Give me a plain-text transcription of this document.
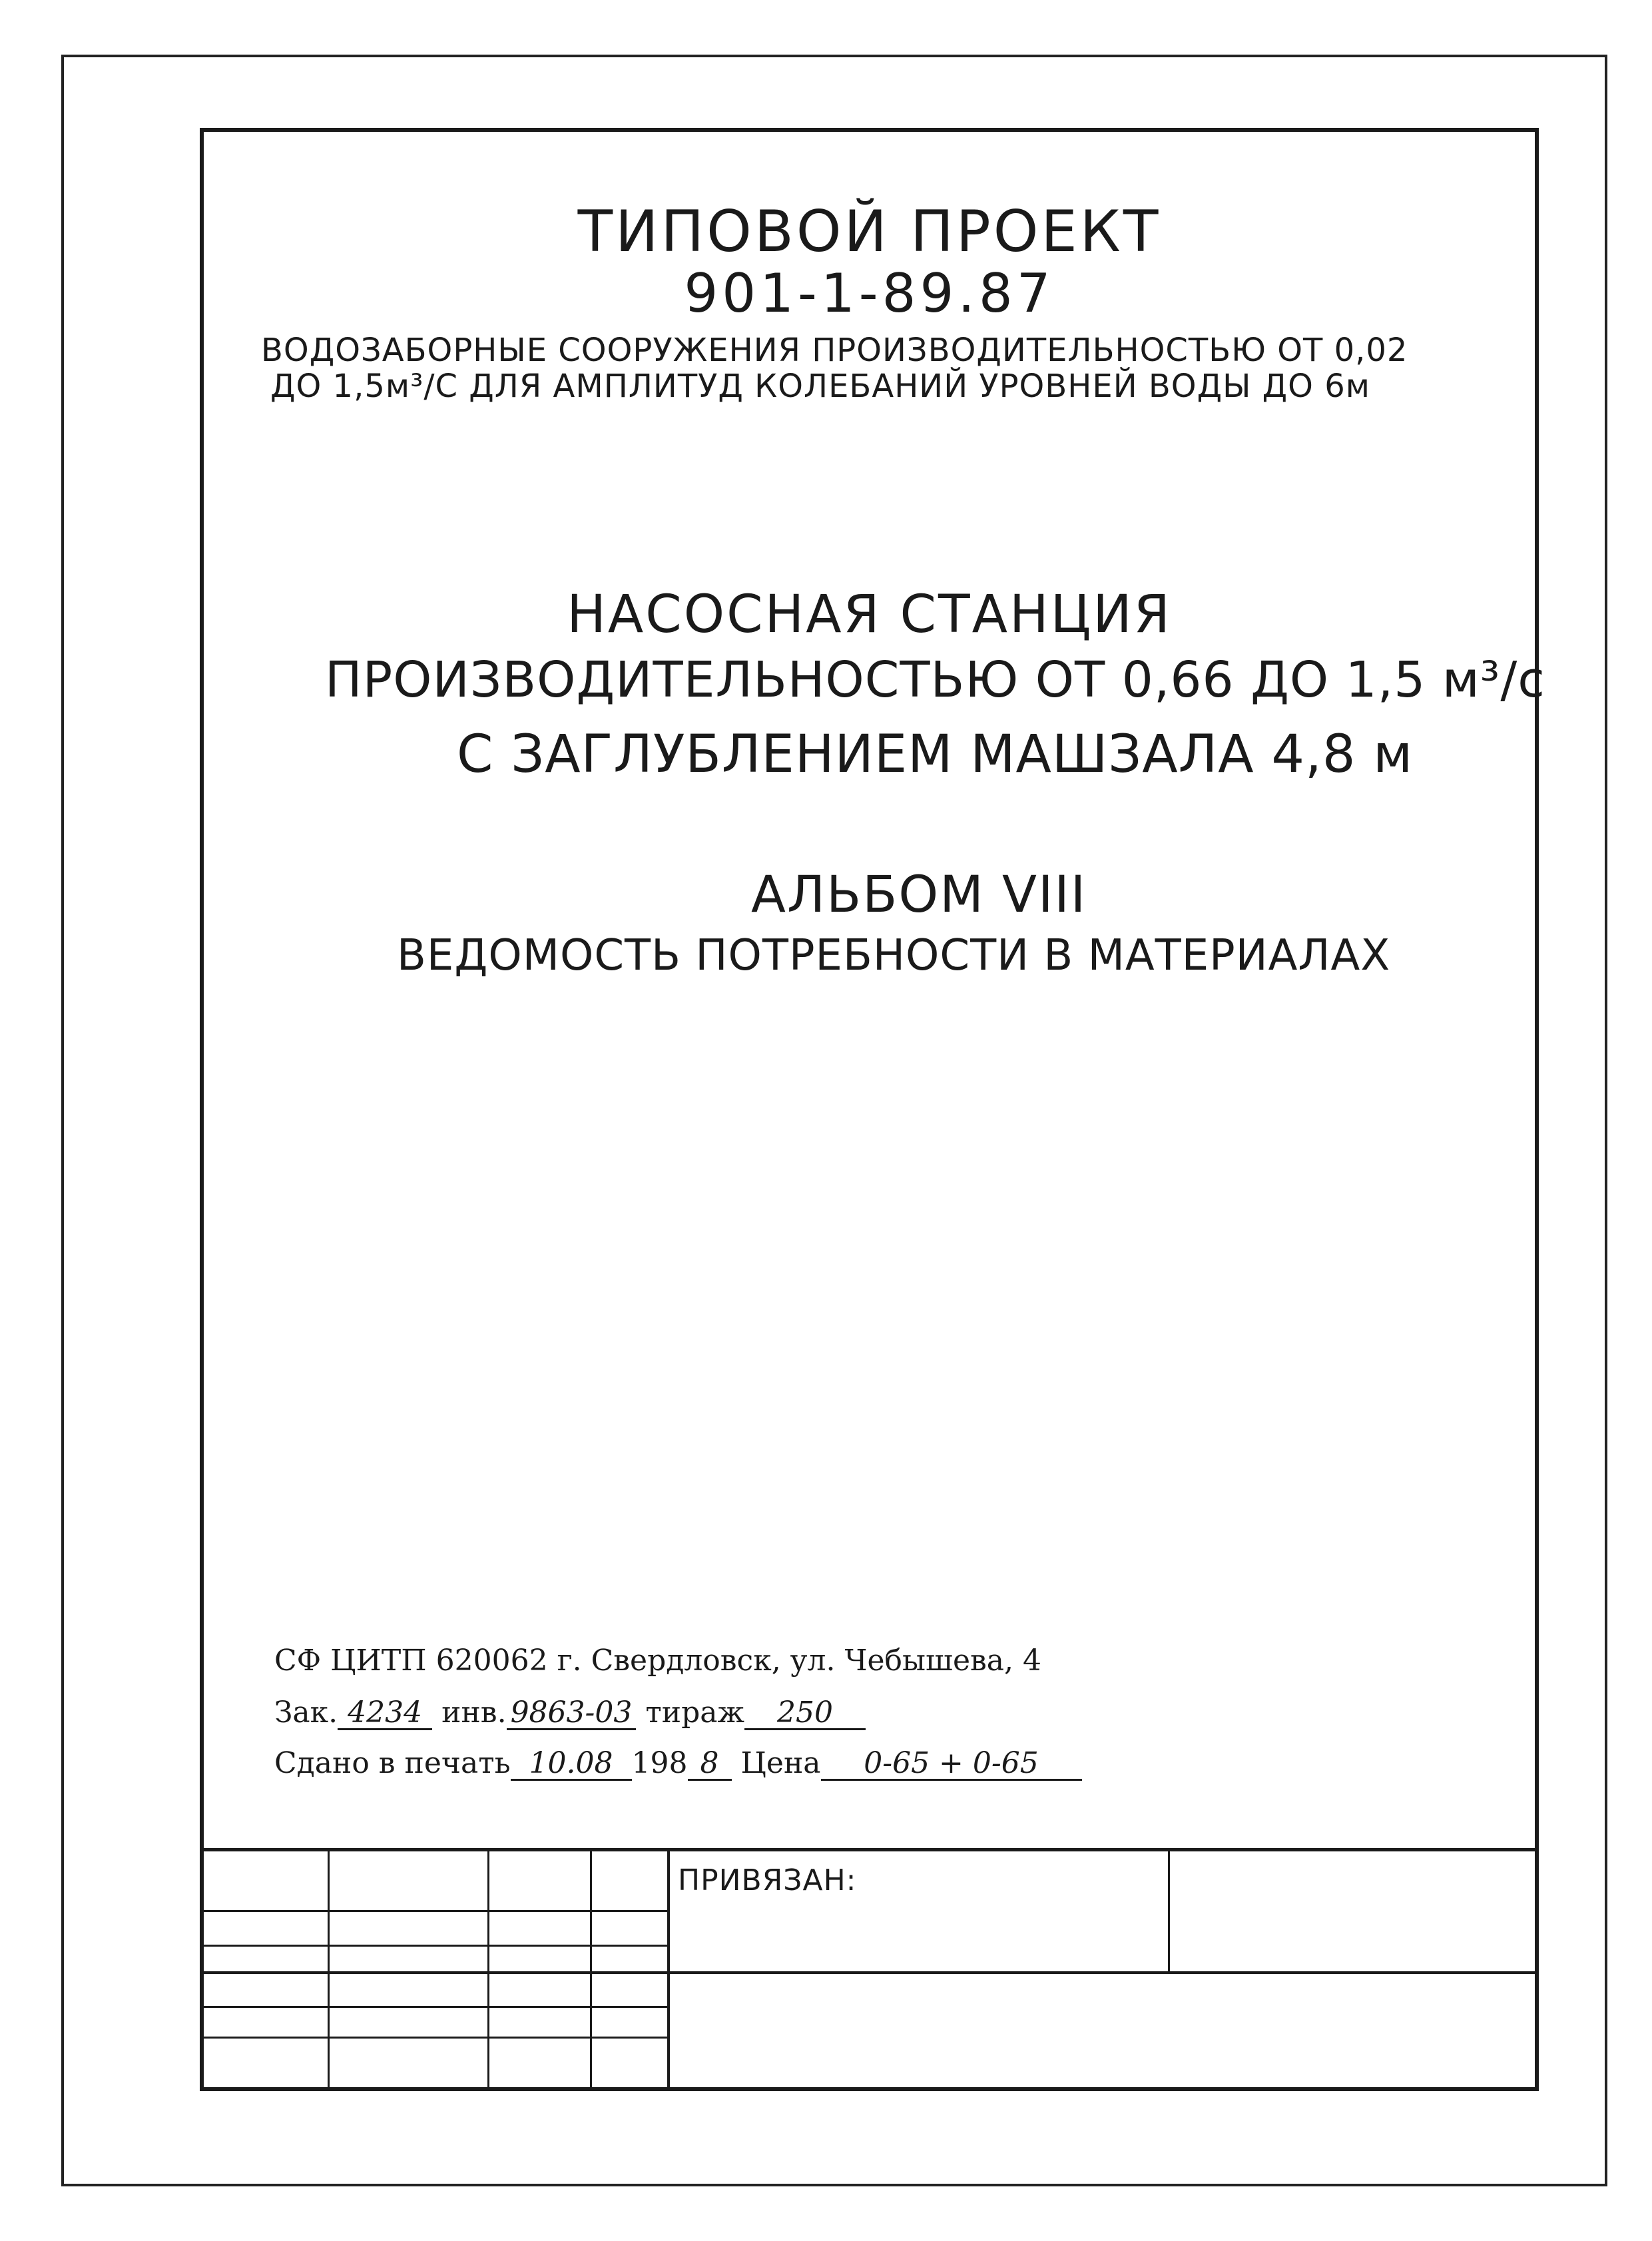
ТИПОВОЙ ПРОЕКТ
901-1-89.87
ВОДОЗАБОРНЫЕ СООРУЖЕНИЯ ПРОИЗВОДИТЕЛЬНОСТЬЮ ОТ 0,02
ДО 1,5м³/С ДЛЯ АМПЛИТУД КОЛЕБАНИЙ УРОВНЕЙ ВОДЫ ДО 6м
НАСОСНАЯ СТАНЦИЯ
ПРОИЗВОДИТЕЛЬНОСТЬЮ ОТ 0,66 ДО 1,5 м³/с
С ЗАГЛУБЛЕНИЕМ МАШЗАЛА 4,8 м
АЛЬБОМ VIII
ВЕДОМОСТЬ ПОТРЕБНОСТИ В МАТЕРИАЛАХ
СФ ЦИТП 620062 г. Свердловск, ул. Чебышева, 4
Зак. 4234 инв. 9863-03 тираж 250
Сдано в печать 10.08 198 8 Цена 0-65 + 0-65
ПРИВЯЗАН:
